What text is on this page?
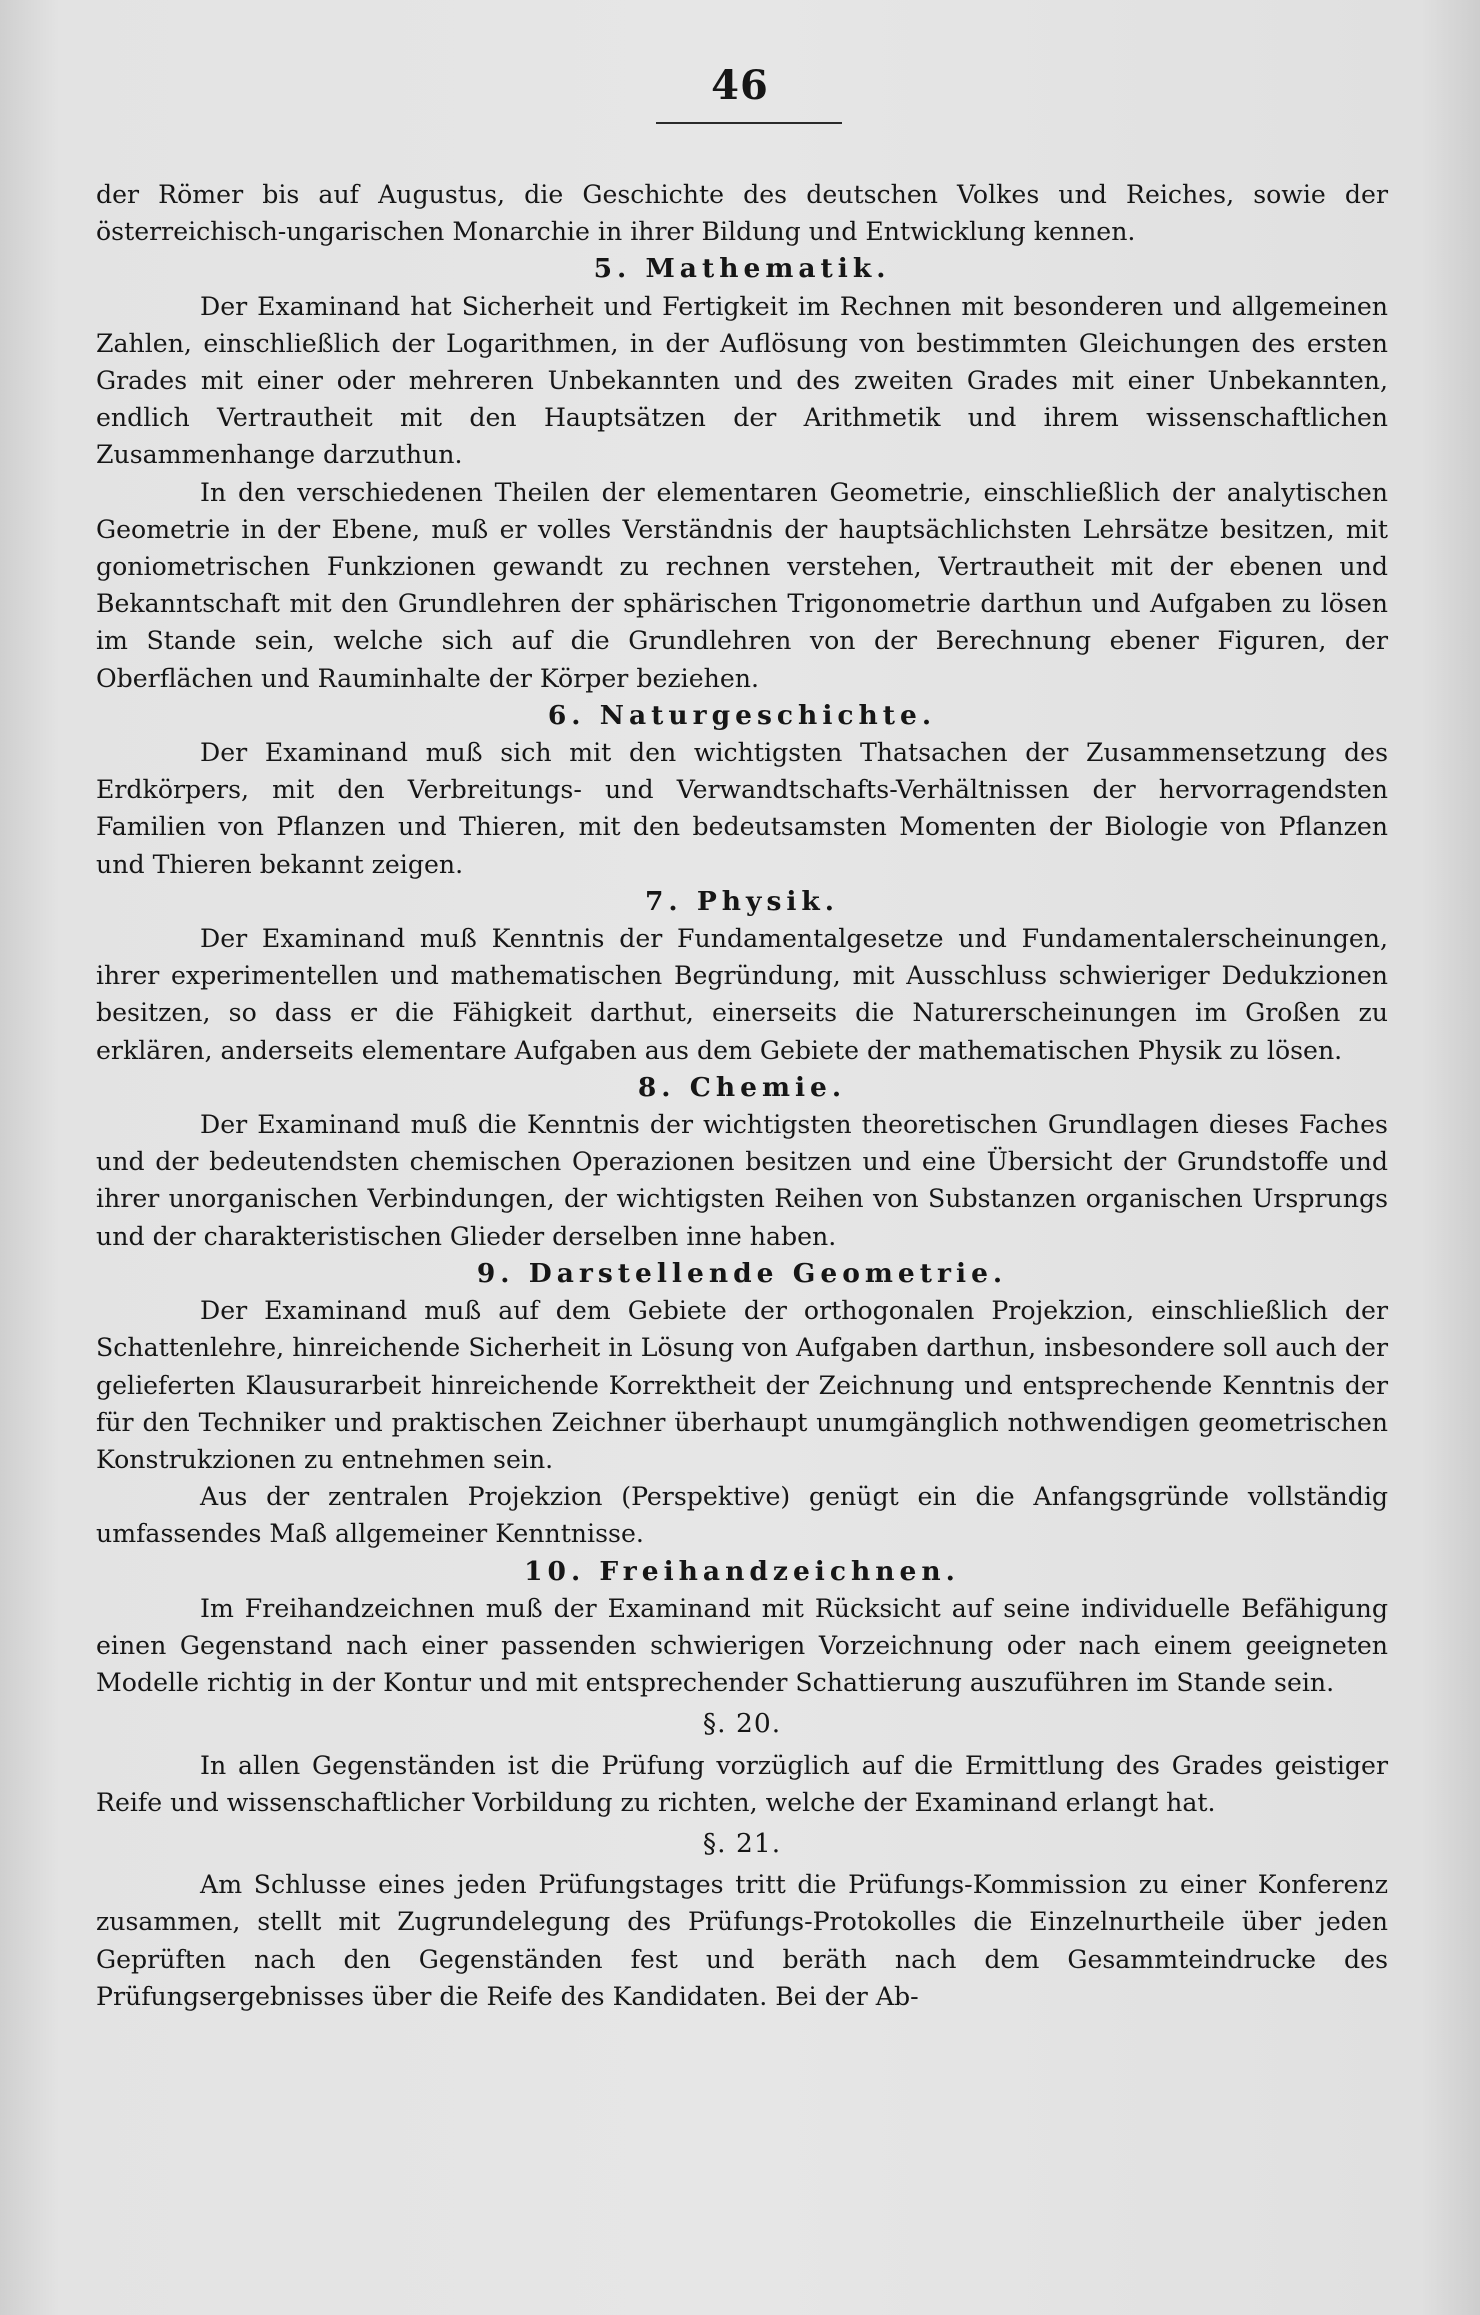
46

der Römer bis auf Augustus, die Geschichte des deutschen Volkes und Reiches, sowie der österreichisch-ungarischen Monarchie in ihrer Bildung und Entwicklung kennen.

5. Mathematik.

Der Examinand hat Sicherheit und Fertigkeit im Rechnen mit besonderen und allgemeinen Zahlen, einschließlich der Logarithmen, in der Auflösung von bestimmten Gleichungen des ersten Grades mit einer oder mehreren Unbekannten und des zweiten Grades mit einer Unbekannten, endlich Vertrautheit mit den Hauptsätzen der Arithmetik und ihrem wissenschaftlichen Zusammenhange darzuthun.

In den verschiedenen Theilen der elementaren Geometrie, einschließlich der analytischen Geometrie in der Ebene, muß er volles Verständnis der hauptsächlichsten Lehrsätze besitzen, mit goniometrischen Funkzionen gewandt zu rechnen verstehen, Vertrautheit mit der ebenen und Bekanntschaft mit den Grundlehren der sphärischen Trigonometrie darthun und Aufgaben zu lösen im Stande sein, welche sich auf die Grundlehren von der Berechnung ebener Figuren, der Oberflächen und Rauminhalte der Körper beziehen.

6. Naturgeschichte.

Der Examinand muß sich mit den wichtigsten Thatsachen der Zusammensetzung des Erdkörpers, mit den Verbreitungs- und Verwandtschafts-Verhältnissen der hervorragendsten Familien von Pflanzen und Thieren, mit den bedeutsamsten Momenten der Biologie von Pflanzen und Thieren bekannt zeigen.

7. Physik.

Der Examinand muß Kenntnis der Fundamentalgesetze und Fundamentalerscheinungen, ihrer experimentellen und mathematischen Begründung, mit Ausschluss schwieriger Dedukzionen besitzen, so dass er die Fähigkeit darthut, einerseits die Naturerscheinungen im Großen zu erklären, anderseits elementare Aufgaben aus dem Gebiete der mathematischen Physik zu lösen.

8. Chemie.

Der Examinand muß die Kenntnis der wichtigsten theoretischen Grundlagen dieses Faches und der bedeutendsten chemischen Operazionen besitzen und eine Übersicht der Grundstoffe und ihrer unorganischen Verbindungen, der wichtigsten Reihen von Substanzen organischen Ursprungs und der charakteristischen Glieder derselben inne haben.

9. Darstellende Geometrie.

Der Examinand muß auf dem Gebiete der orthogonalen Projekzion, einschließlich der Schattenlehre, hinreichende Sicherheit in Lösung von Aufgaben darthun, insbesondere soll auch der gelieferten Klausurarbeit hinreichende Korrektheit der Zeichnung und entsprechende Kenntnis der für den Techniker und praktischen Zeichner überhaupt unumgänglich nothwendigen geometrischen Konstrukzionen zu entnehmen sein.

Aus der zentralen Projekzion (Perspektive) genügt ein die Anfangsgründe vollständig umfassendes Maß allgemeiner Kenntnisse.

10. Freihandzeichnen.

Im Freihandzeichnen muß der Examinand mit Rücksicht auf seine individuelle Befähigung einen Gegenstand nach einer passenden schwierigen Vorzeichnung oder nach einem geeigneten Modelle richtig in der Kontur und mit entsprechender Schattierung auszuführen im Stande sein.

§. 20.

In allen Gegenständen ist die Prüfung vorzüglich auf die Ermittlung des Grades geistiger Reife und wissenschaftlicher Vorbildung zu richten, welche der Examinand erlangt hat.

§. 21.

Am Schlusse eines jeden Prüfungstages tritt die Prüfungs-Kommission zu einer Konferenz zusammen, stellt mit Zugrundelegung des Prüfungs-Protokolles die Einzelnurtheile über jeden Geprüften nach den Gegenständen fest und beräth nach dem Gesammteindrucke des Prüfungsergebnisses über die Reife des Kandidaten. Bei der Ab-
